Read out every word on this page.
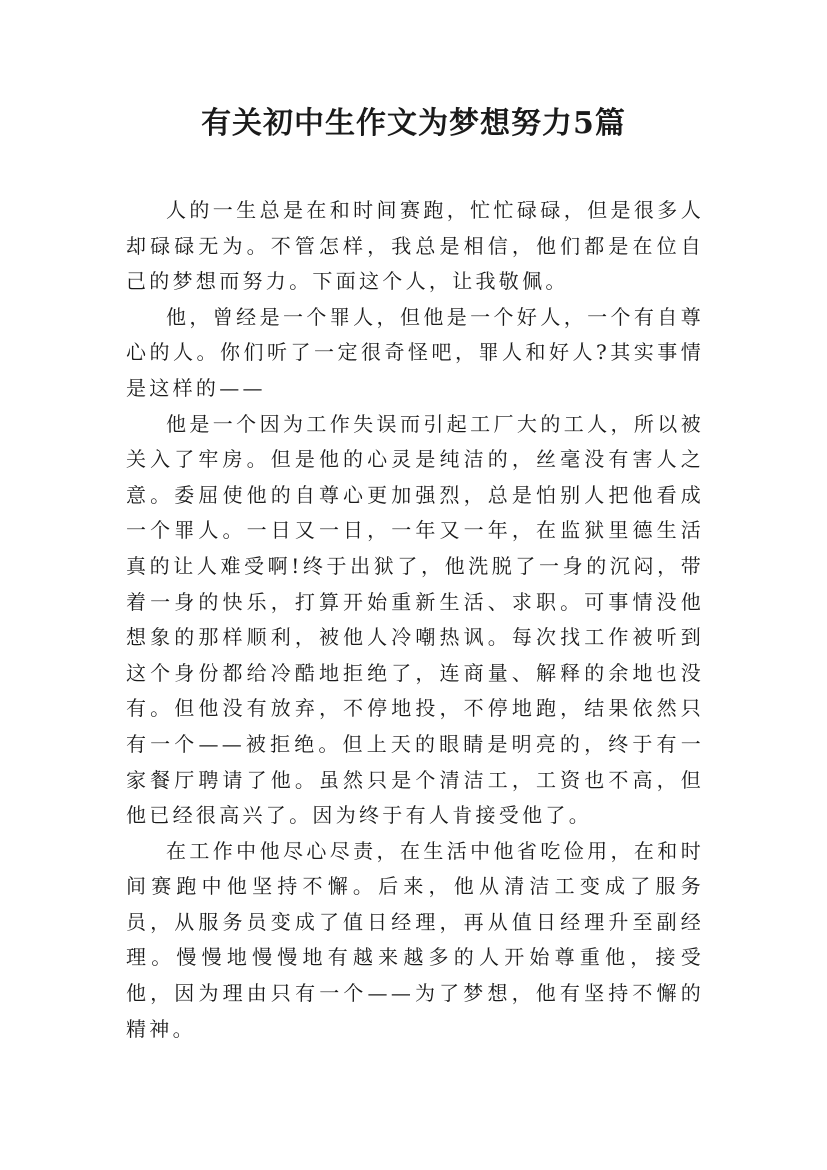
有关初中生作文为梦想努力5篇

人的一生总是在和时间赛跑，忙忙碌碌，但是很多人却碌碌无为。不管怎样，我总是相信，他们都是在位自己的梦想而努力。下面这个人，让我敬佩。

他，曾经是一个罪人，但他是一个好人，一个有自尊心的人。你们听了一定很奇怪吧，罪人和好人?其实事情是这样的——

他是一个因为工作失误而引起工厂大的工人，所以被关入了牢房。但是他的心灵是纯洁的，丝毫没有害人之意。委屈使他的自尊心更加强烈，总是怕别人把他看成一个罪人。一日又一日，一年又一年，在监狱里德生活真的让人难受啊!终于出狱了，他洗脱了一身的沉闷，带着一身的快乐，打算开始重新生活、求职。可事情没他想象的那样顺利，被他人冷嘲热讽。每次找工作被听到这个身份都给冷酷地拒绝了，连商量、解释的余地也没有。但他没有放弃，不停地投，不停地跑，结果依然只有一个——被拒绝。但上天的眼睛是明亮的，终于有一家餐厅聘请了他。虽然只是个清洁工，工资也不高，但他已经很高兴了。因为终于有人肯接受他了。

在工作中他尽心尽责，在生活中他省吃俭用，在和时间赛跑中他坚持不懈。后来，他从清洁工变成了服务员，从服务员变成了值日经理，再从值日经理升至副经理。慢慢地慢慢地有越来越多的人开始尊重他，接受他，因为理由只有一个——为了梦想，他有坚持不懈的精神。
